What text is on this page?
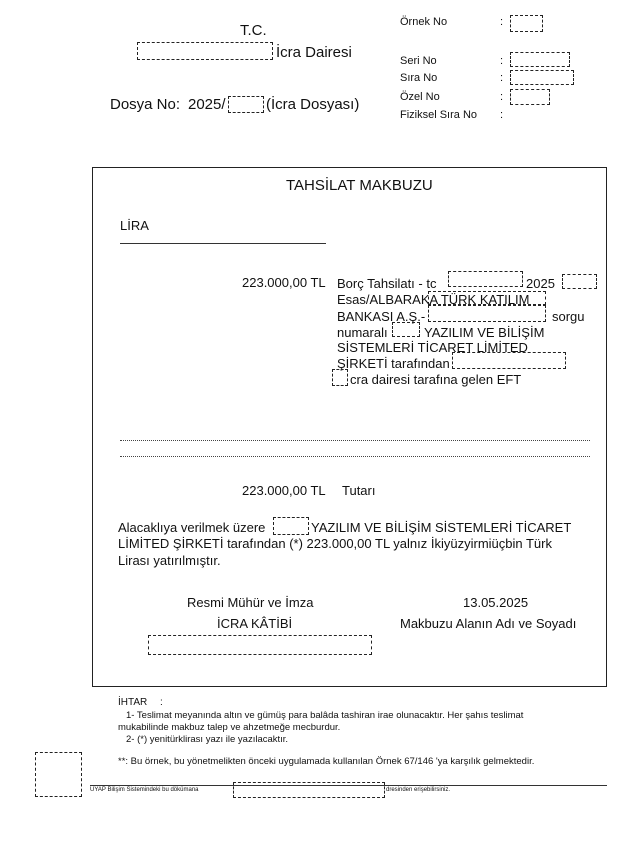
T.C.
İcra Dairesi
Dosya No: 2025/	(İcra Dosyası)
Örnek No	:
Seri No	:
Sıra No	:
Özel No	:
Fiziksel Sıra No :
TAHSİLAT MAKBUZU
LİRA
223.000,00 TL Borç Tahsilatı - tc	2025
Esas/ALBARAKA TÜRK KATILIM
BANKASI A.Ş.-	sorgu
numaralı	YAZILIM VE BİLİŞİM
SİSTEMLERİ TİCARET LİMİTED
ŞİRKETİ tarafından
cra dairesi tarafına gelen EFT
223.000,00 TL Tutarı
Alacaklıya verilmek üzere	YAZILIM VE BİLİŞİM SİSTEMLERİ TİCARET
LİMİTED ŞİRKETİ tarafından (*) 223.000,00 TL yalnız İkiyüzyirmiüçbin Türk
Lirası yatırılmıştır.
Resmi Mühür ve İmza
İCRA KÂTİBİ
13.05.2025
Makbuzu Alanın Adı ve Soyadı
İHTAR :
1- Teslimat meyanında altın ve gümüş para balâda tashiran irae olunacaktır. Her şahıs teslimat
mukabilinde makbuz talep ve ahzetmeğe mecburdur.
2- (*) yenitürklirası yazı ile yazılacaktır.
**: Bu örnek, bu yönetmelikten önceki uygulamada kullanılan Örnek 67/146 'ya karşılık gelmektedir.
UYAP Bilişim Sistemindeki bu dökümana	dresinden erişebilirsiniz.
